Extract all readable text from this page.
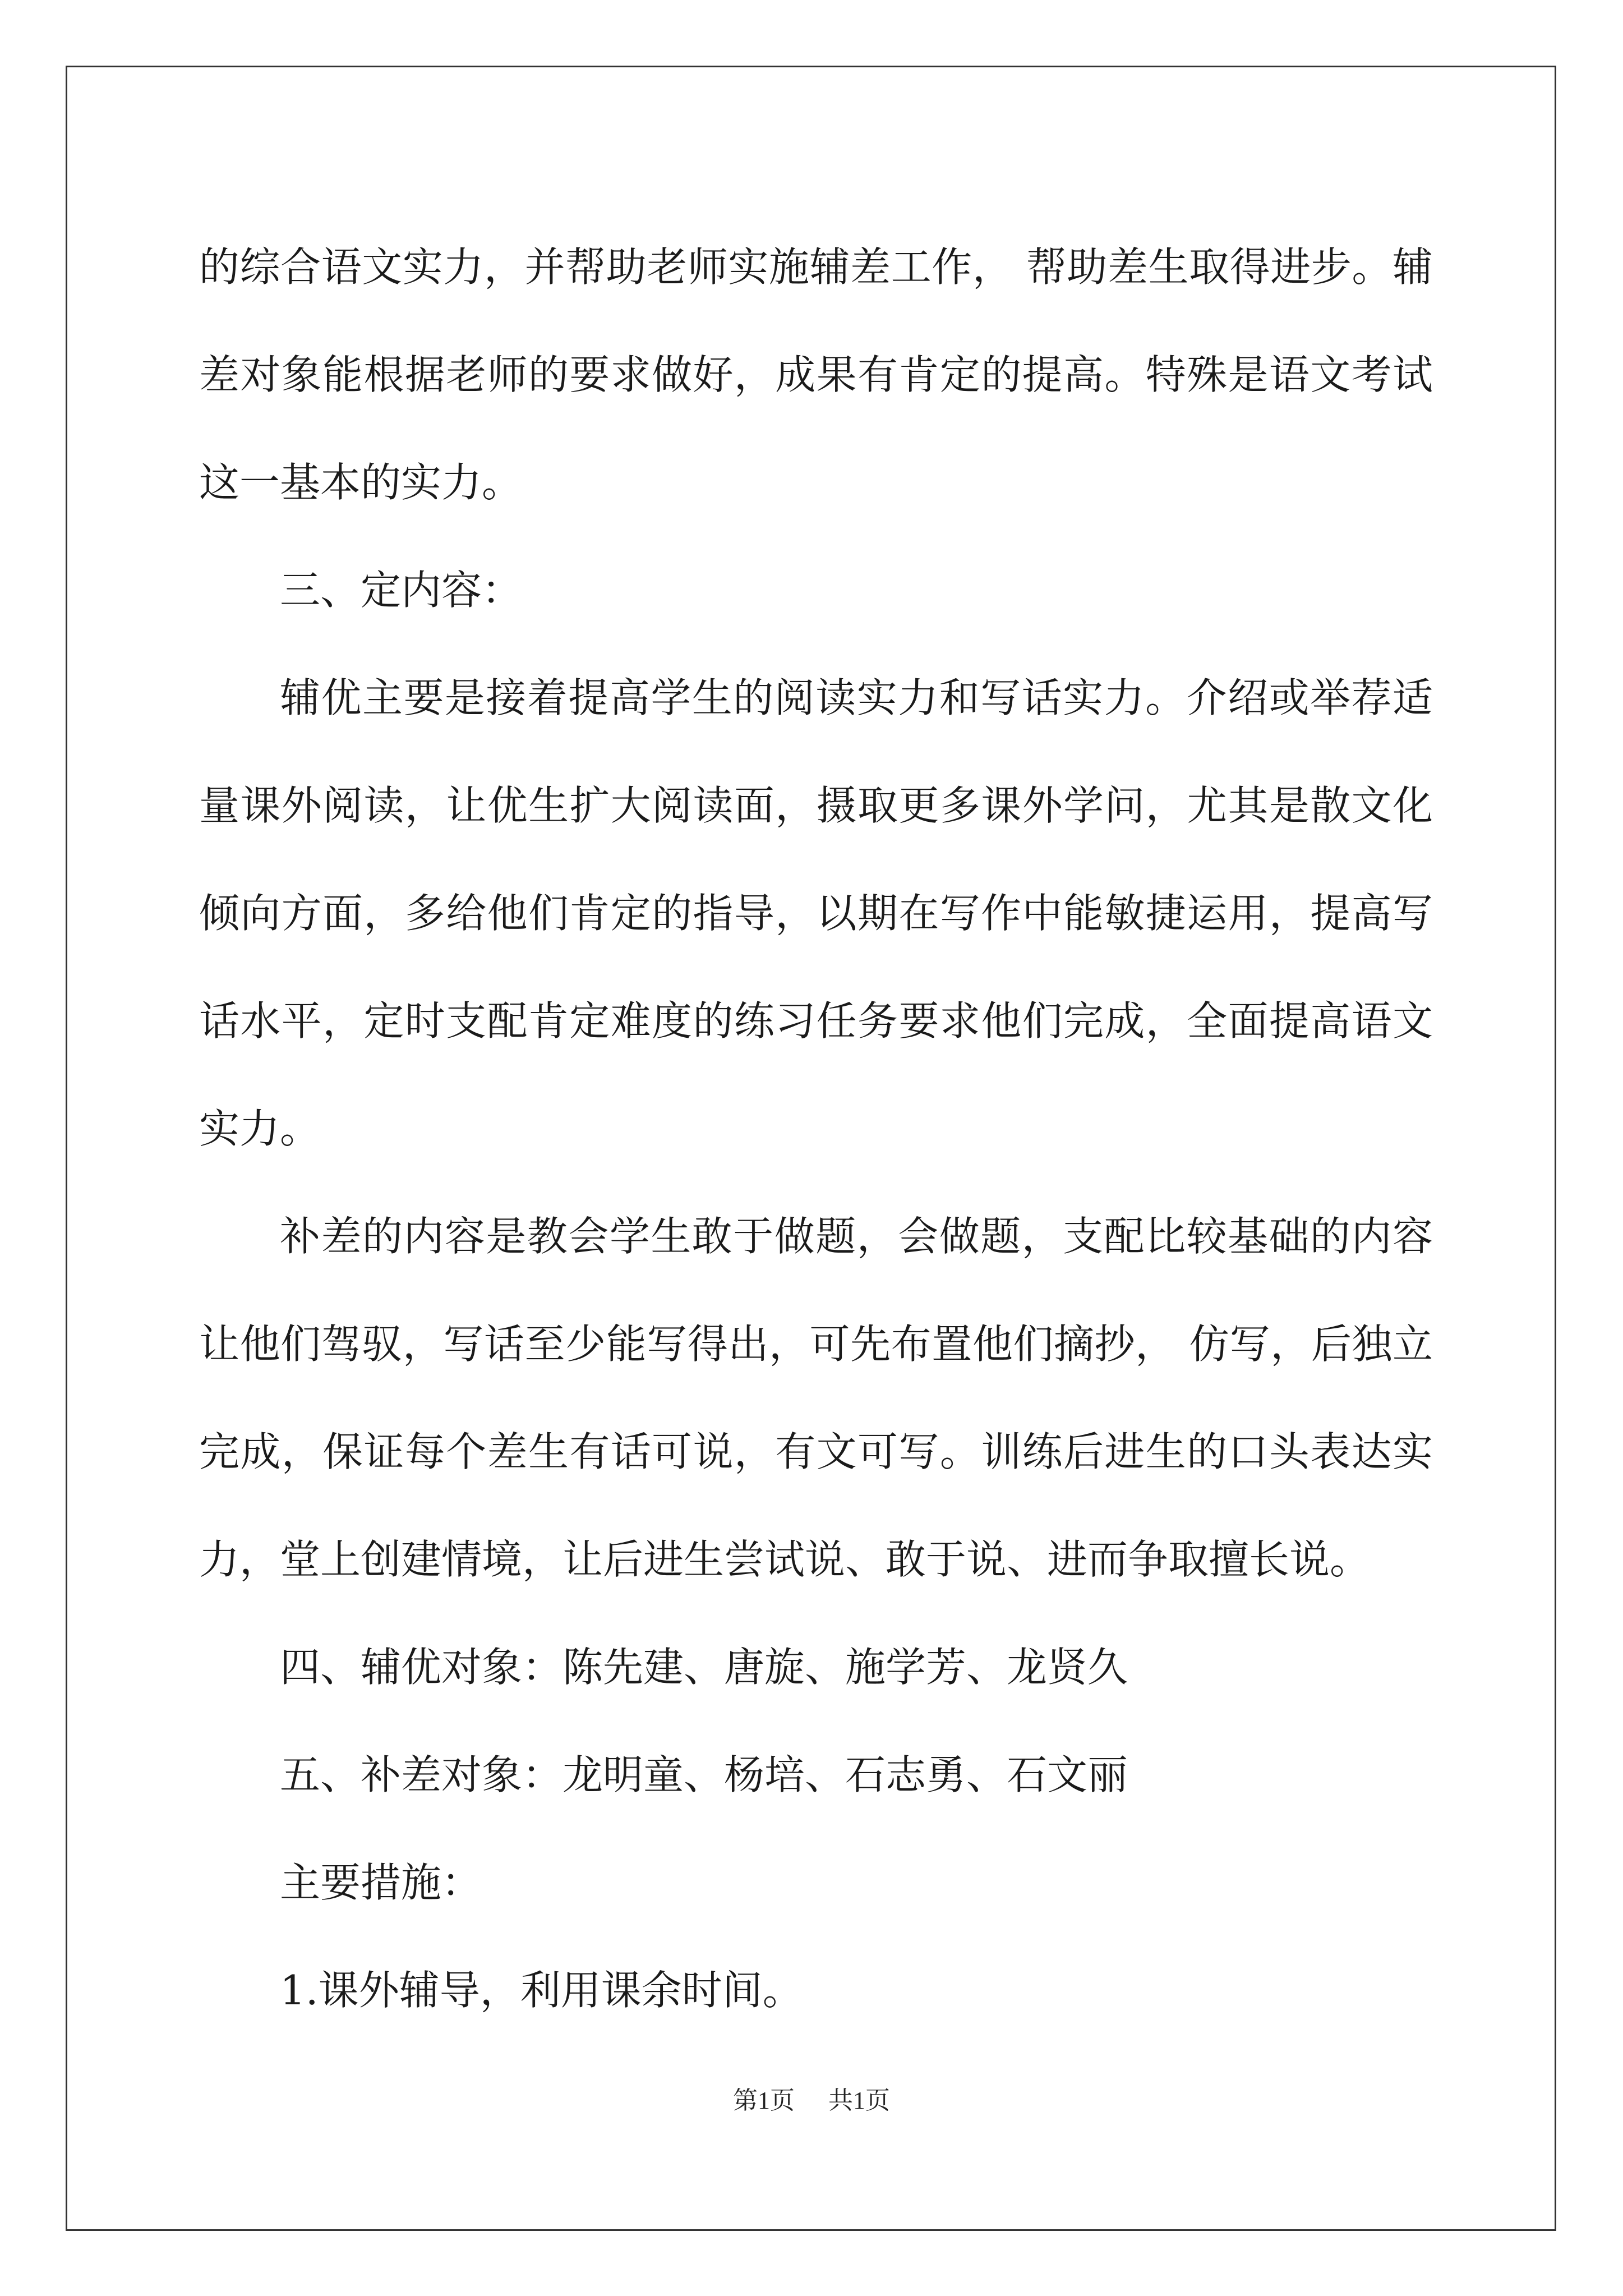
的综合语文实力，并帮助老师实施辅差工作， 帮助差生取得进步。辅差对象能根据老师的要求做好，成果有肯定的提高。特殊是语文考试这一基本的实力。

三、定内容：

辅优主要是接着提高学生的阅读实力和写话实力。介绍或举荐适量课外阅读，让优生扩大阅读面，摄取更多课外学问，尤其是散文化倾向方面，多给他们肯定的指导，以期在写作中能敏捷运用，提高写话水平，定时支配肯定难度的练习任务要求他们完成，全面提高语文实力。

补差的内容是教会学生敢于做题，会做题，支配比较基础的内容让他们驾驭，写话至少能写得出，可先布置他们摘抄， 仿写，后独立完成，保证每个差生有话可说，有文可写。训练后进生的口头表达实力，堂上创建情境，让后进生尝试说、敢于说、进而争取擅长说。

四、辅优对象：陈先建、唐旋、施学芳、龙贤久

五、补差对象：龙明童、杨培、石志勇、石文丽

主要措施：

1.课外辅导，利用课余时间。

第1页 共1页
